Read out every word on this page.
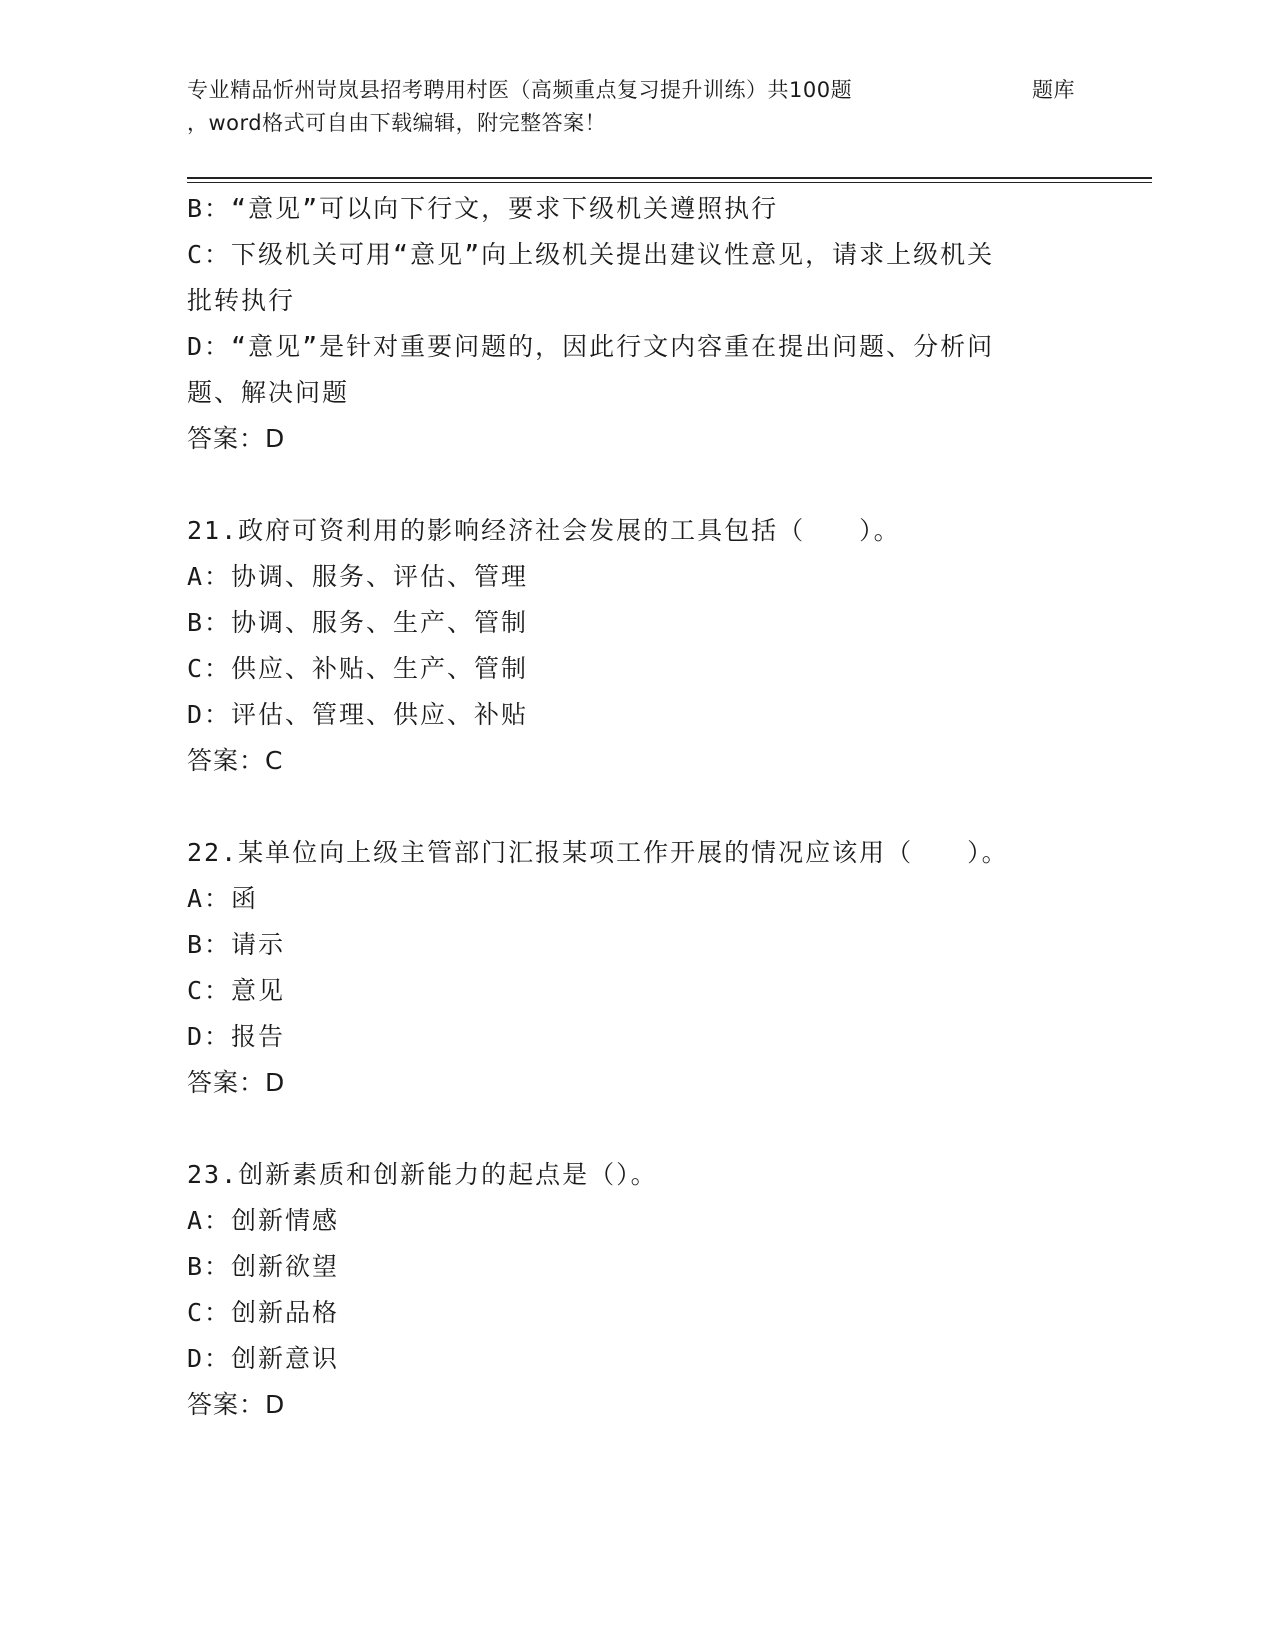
专业精品忻州岢岚县招考聘用村医（高频重点复习提升训练）共100题	题库
，word格式可自由下载编辑，附完整答案！
B：“意见”可以向下行文，要求下级机关遵照执行
C：下级机关可用“意见”向上级机关提出建议性意见，请求上级机关
批转执行
D：“意见”是针对重要问题的，因此行文内容重在提出问题、分析问
题、解决问题
答案：D
21.政府可资利用的影响经济社会发展的工具包括（　　）。
A：协调、服务、评估、管理
B：协调、服务、生产、管制
C：供应、补贴、生产、管制
D：评估、管理、供应、补贴
答案：C
22.某单位向上级主管部门汇报某项工作开展的情况应该用（　　）。
A：函
B：请示
C：意见
D：报告
答案：D
23.创新素质和创新能力的起点是（）。
A：创新情感
B：创新欲望
C：创新品格
D：创新意识
答案：D
